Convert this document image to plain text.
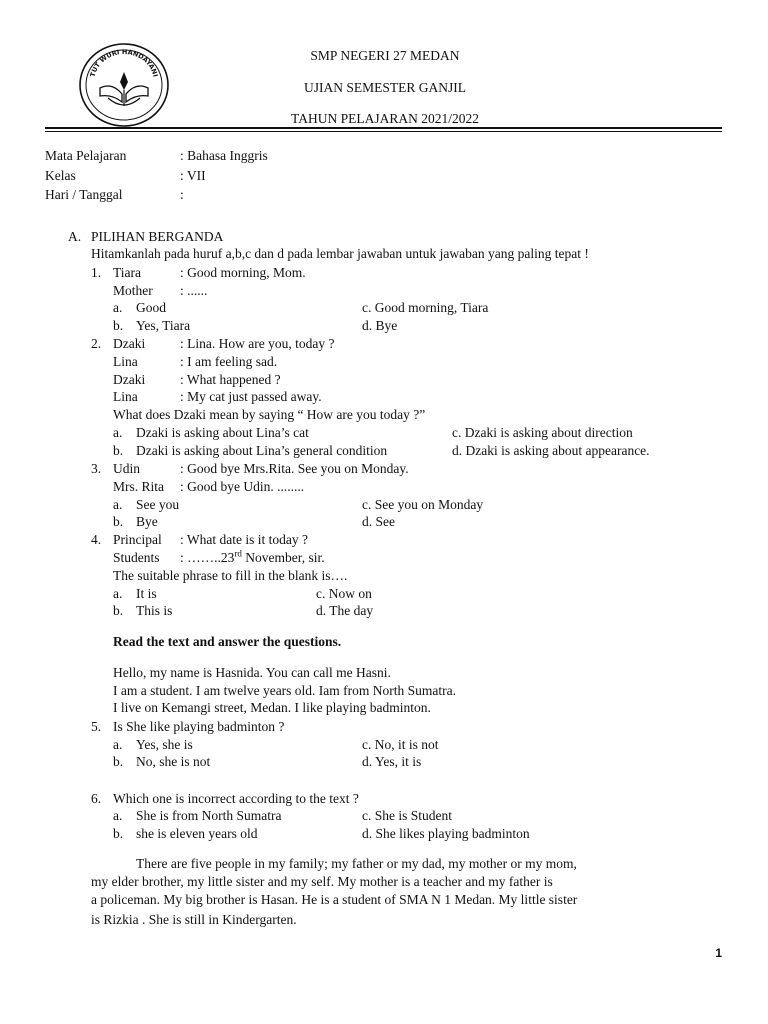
TUT WURI HANDAYANI
SMP NEGERI 27 MEDAN
UJIAN SEMESTER GANJIL
TAHUN PELAJARAN 2021/2022
Mata Pelajaran	: Bahasa Inggris
Kelas	: VII
Hari / Tanggal	:
A. PILIHAN BERGANDA
Hitamkanlah pada huruf a,b,c dan d pada lembar jawaban untuk jawaban yang paling tepat !
1. Tiara	: Good morning, Mom.
Mother : ......
a. Good	c. Good morning, Tiara
b. Yes, Tiara	d. Bye
2. Dzaki	: Lina. How are you, today ?
Lina	: I am feeling sad.
Dzaki	: What happened ?
Lina	: My cat just passed away.
What does Dzaki mean by saying “ How are you today ?”
a. Dzaki is asking about Lina’s cat	c. Dzaki is asking about direction
b. Dzaki is asking about Lina’s general condition	d. Dzaki is asking about appearance.
3. Udin	: Good bye Mrs.Rita. See you on Monday.
Mrs. Rita : Good bye Udin. ........
a. See you	c. See you on Monday
b. Bye	d. See
4. Principal : What date is it today ?
Students : ……..23rd November, sir.
The suitable phrase to fill in the blank is….
a. It is	c. Now on
b. This is	d. The day
Read the text and answer the questions.
Hello, my name is Hasnida. You can call me Hasni.
I am a student. I am twelve years old. Iam from North Sumatra.
I live on Kemangi street, Medan. I like playing badminton.
5. Is She like playing badminton ?
a. Yes, she is	c. No, it is not
b. No, she is not	d. Yes, it is
6. Which one is incorrect according to the text ?
a. She is from North Sumatra	c. She is Student
b. she is eleven years old	d. She likes playing badminton
There are five people in my family; my father or my dad, my mother or my mom,
my elder brother, my little sister and my self. My mother is a teacher and my father is
a policeman. My big brother is Hasan. He is a student of SMA N 1 Medan. My little sister
is Rizkia . She is still in Kindergarten.
1
